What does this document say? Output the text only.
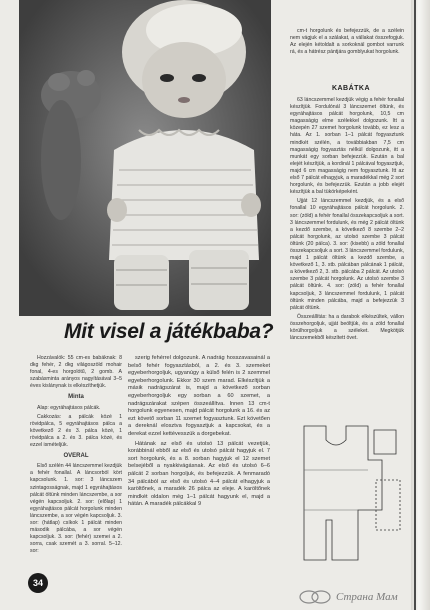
Mit visel a játékbaba?

Hozzávalók: 55 cm-es babáknak: 8 dkg fehér, 2 dkg világoszöld mohair fonal, 4-es horgolótű, 2 gomb. A szabásminta arányos nagyításával 3–5 éves kislánynak is elkészíthetjük.

Minta

Alap: egyráhajtásos pálcák.

Cakkozás: a pálcák közé 1 rövidpálca, 5 egyráhajtásos pálca a következő 2 és 3. pálca közé, 1 rövidpálca a 2. és 3. pálca közé, és ezzel ismételjük.

OVERAL

Első szélén 44 láncszemmel kezdjük a fehér fonallal. A láncsorból kört kapcsolunk. 1. sor: 3 láncszem szintagosságnak, majd 1 egyráhajtásos pálcát öltünk minden láncszembe, a sor végén kapcsoljuk. 2. sor: (előlap) 1 egyráhajtásos pálcát horgolunk minden láncszembe, a sor végén kapcsoljuk. 3. sor: (hátlap) csíkok 1 pálcát minden második pálcába, a sor végén kapcsoljuk. 3. sor: (fehér) szemei a 2. sorra, csak szemét a 3. sorral. 5–12. sor:

szerig fehérrel dolgozunk. A nadrág hosszavasainál a belső fehér fogyasztásból, a 2. és 3. szemeket egyeberhorgoljuk, ugyanúgy a külső felén is 2 szemmel egyeberhorgolunk. Ekkor 30 szem marad. Elkészítjük a másik nadrágszárat is, majd a következő sorban egyeberhorgoljuk egy sorban a 60 szemet, a nadrágszárakat szépen összeállítva. Innen 13 cm-t horgolunk egyenesen, majd pálcát horgolunk a 16. és az ezt követő sorban 11 szemet fogyasztunk. Ezt követően a dereknál elosztva fogyasztjuk a kapcsokat, és a derekat ezzel kettévesszük a dorgebekat.

Hátának az első és utolsó 13 pálcát vezetjük, korábbinál ebből az első és utolsó pálcát hagyjuk el. 7 sort horgolunk, és a 8. sorban hagyjuk el 12 szemet belsejéből a nyakkivágásnak. Az első és utolsó 6–6 pálcát 2 sorban horgoljuk, és befejezzük. A fenmaradó 34 pálcából az első és utolsó 4–4 pálcát elhagyjuk a karöltőnek, a maradék 26 pálca az eleje. A karöltőnek mindkét oldalon még 1–1 pálcát hagyunk el, majd a hátán. A maradék pálcákkal 9

cm-t horgolunk és befejezzük, de a szélein nem vágjuk el a szálakat, a vállakat összefogjuk. Az elején kétoldalt a sorkoknál gombot varrunk rá, és a hátrész pántjára gomblyukat horgolunk.

KABÁTKA

63 láncszemmel kezdjük végig a fehér fonallal készítjük. Fordulónál 3 láncszemet öltünk, és egyráhajtásos pálcát horgolunk, 10,5 cm magasságig elme szélekkel dolgozunk. Itt a közepén 27 szemet horgolunk tovább, ez lesz a háta. Az 1. sorban 1–1 pálcát fogyasztunk mindkét szélén, a továbbiakban 7,5 cm magasságig fogyasztás nélkül dolgozunk, itt a munkát egy sorban befejezzük. Ezután a bal elejét készítjük, a kordinál 1 pálcával fogyasztjuk, majd 6 cm magasságig nem fogyasztunk. Itt az első 7 pálcát elhagyjuk, a maradékkal még 2 sort horgolunk, és befejezzük. Ezután a jobb elejét készítjük a bal tükörképeként.

Ujját 12 láncszemmel kezdjük, és a első fonallal 10 egyráhajtásos pálcát horgolunk. 2. sor: (zöld) a fehér fonallal összekapcsoljuk a sort. 3 láncszemmel fordulunk, és még 2 pálcát öltünk a kezdő szembe, a következő 8 szembe 2–2 pálcát horgolunk, az utolsó szembe 3 pálcát öltünk (20 pálca). 3. sor: (kisebb) a zöld fonallal összekapcsoljuk a sort. 3 láncszemmel fordulunk, majd 1 pálcát öltünk a kezdő szembe, a következő 1, 3. stb. pálcában pálcának 1 pálcát, a következő 2, 3. stb. pálcába 2 pálcát. Az utolsó szembe 3 pálcát horgolunk. Az utolsó szembe 3 pálcát öltünk. 4. sor: (zöld) a fehér fonallal kapcsoljuk, 3 láncszemmel fordulunk, 1 pálcát öltünk minden pálcába, majd a befejezzük 3 pálcát öltünk.

Összeállítás: ha a darabok elkészültek, vállon összehorgoljuk, ujját beöltjük, és a zöld fonallal körülhorgoljuk a széleket. Megkötjük láncszemekből készített övet.

34
Страна Мам
